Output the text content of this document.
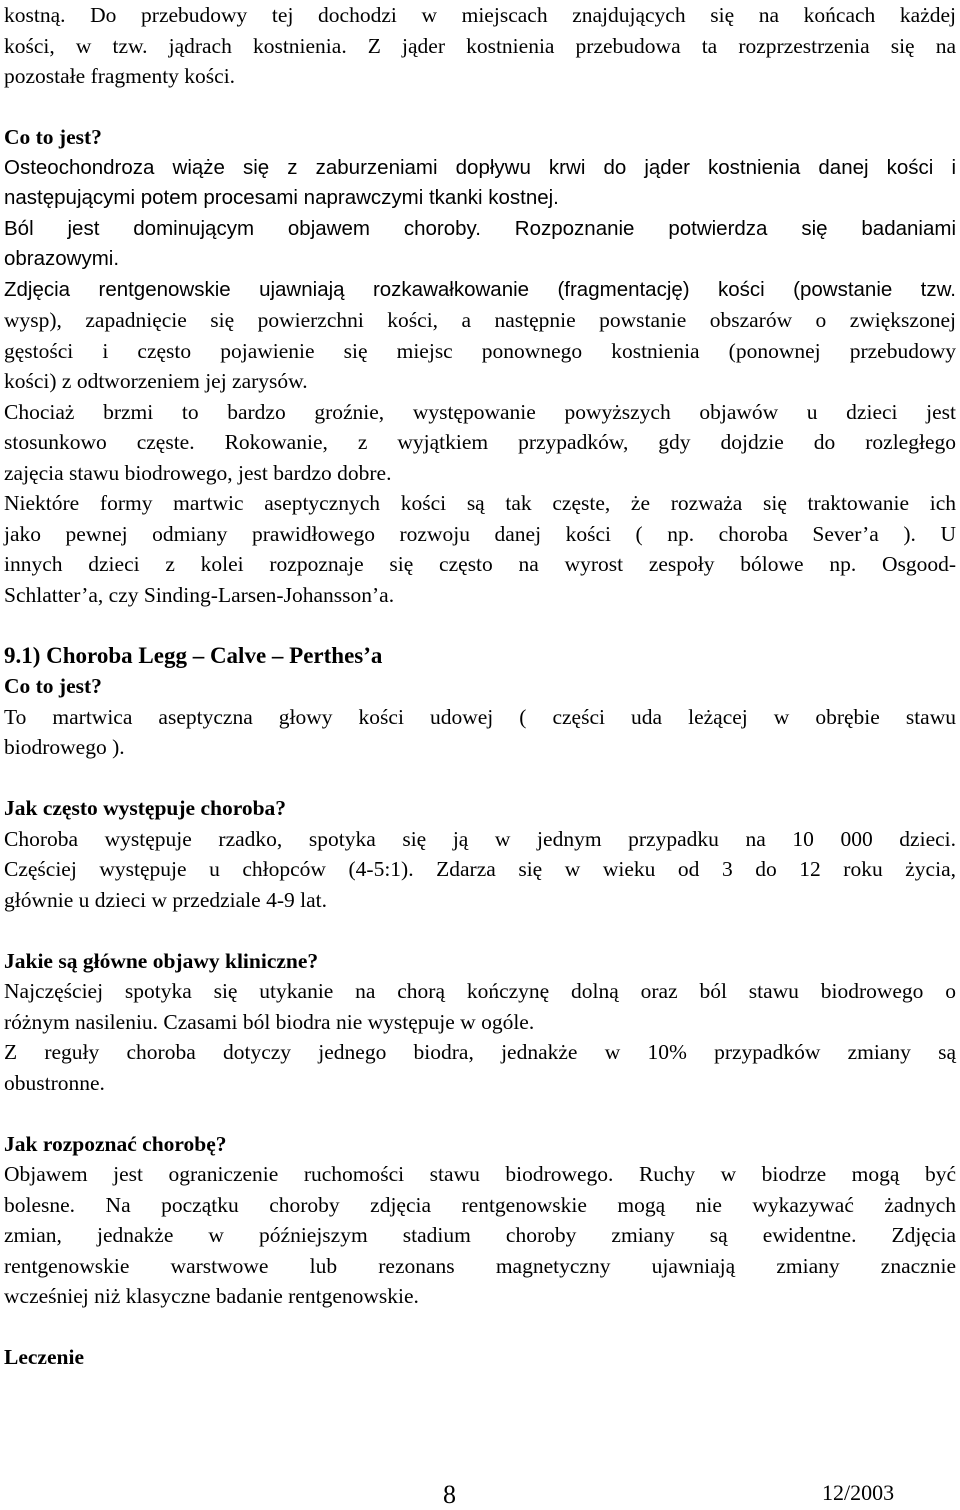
kostną. Do przebudowy tej dochodzi w miejscach znajdujących się na końcach każdej

kości, w tzw. jądrach kostnienia. Z jąder kostnienia przebudowa ta rozprzestrzenia się na

pozostałe fragmenty kości.

Co to jest?

Osteochondroza wiąże się z zaburzeniami dopływu krwi do jąder kostnienia danej kości i

następującymi potem procesami naprawczymi tkanki kostnej.

Ból jest dominującym objawem choroby. Rozpoznanie potwierdza się badaniami

obrazowymi.

Zdjęcia rentgenowskie ujawniają rozkawałkowanie (fragmentację) kości (powstanie tzw.

wysp), zapadnięcie się powierzchni kości, a następnie powstanie obszarów o zwiększonej

gęstości i często pojawienie się miejsc ponownego kostnienia (ponownej przebudowy

kości) z odtworzeniem jej zarysów.

Chociaż brzmi to bardzo groźnie, występowanie powyższych objawów u dzieci jest

stosunkowo częste. Rokowanie, z wyjątkiem przypadków, gdy dojdzie do rozległego

zajęcia stawu biodrowego, jest bardzo dobre.

Niektóre formy martwic aseptycznych kości są tak częste, że rozważa się traktowanie ich

jako pewnej odmiany prawidłowego rozwoju danej kości ( np. choroba Sever’a ). U

innych dzieci z kolei rozpoznaje się często na wyrost zespoły bólowe np. Osgood-

Schlatter’a, czy Sinding-Larsen-Johansson’a.

9.1) Choroba Legg – Calve – Perthes’a

Co to jest?

To martwica aseptyczna głowy kości udowej ( części uda leżącej w obrębie stawu

biodrowego ).

Jak często występuje choroba?

Choroba występuje rzadko, spotyka się ją w jednym przypadku na 10 000 dzieci.

Częściej występuje u chłopców (4-5:1). Zdarza się w wieku od 3 do 12 roku życia,

głównie u dzieci w przedziale 4-9 lat.

Jakie są główne objawy kliniczne?

Najczęściej spotyka się utykanie na chorą kończynę dolną oraz ból stawu biodrowego o

różnym nasileniu. Czasami ból biodra nie występuje w ogóle.

Z reguły choroba dotyczy jednego biodra, jednakże w 10% przypadków zmiany są

obustronne.

Jak rozpoznać chorobę?

Objawem jest ograniczenie ruchomości stawu biodrowego. Ruchy w biodrze mogą być

bolesne. Na początku choroby zdjęcia rentgenowskie mogą nie wykazywać żadnych

zmian, jednakże w późniejszym stadium choroby zmiany są ewidentne. Zdjęcia

rentgenowskie warstwowe lub rezonans magnetyczny ujawniają zmiany znacznie

wcześniej niż klasyczne badanie rentgenowskie.

Leczenie

8	12/2003
